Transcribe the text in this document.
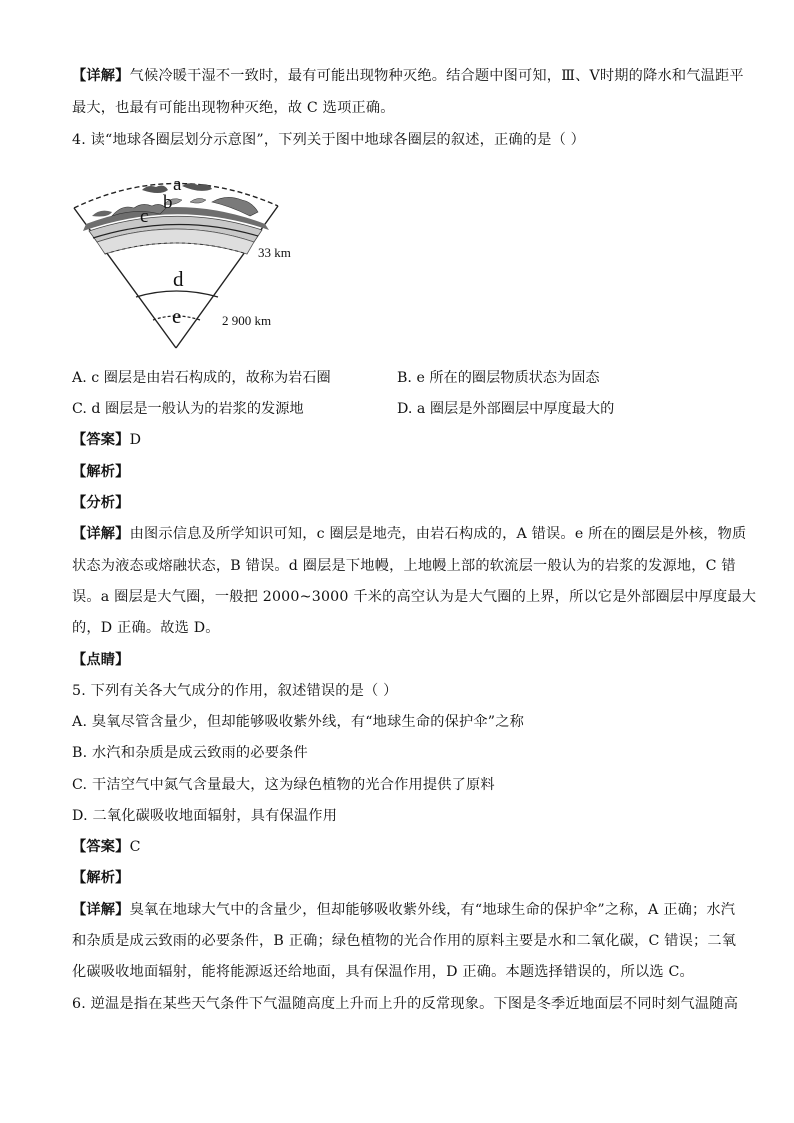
【详解】气候冷暖干湿不一致时，最有可能出现物种灭绝。结合题中图可知，Ⅲ、Ⅴ时期的降水和气温距平
最大，也最有可能出现物种灭绝，故 C 选项正确。
4. 读“地球各圈层划分示意图”，下列关于图中地球各圈层的叙述，正确的是（ ）
a
b
c
d
e
33 km
2 900 km
A. c 圈层是由岩石构成的，故称为岩石圈	B. e 所在的圈层物质状态为固态
C. d 圈层是一般认为的岩浆的发源地	D. a 圈层是外部圈层中厚度最大的
【答案】D
【解析】
【分析】
【详解】由图示信息及所学知识可知，c 圈层是地壳，由岩石构成的，A 错误。e 所在的圈层是外核，物质
状态为液态或熔融状态，B 错误。d 圈层是下地幔，上地幔上部的软流层一般认为的岩浆的发源地，C 错
误。a 圈层是大气圈，一般把 2000~3000 千米的高空认为是大气圈的上界，所以它是外部圈层中厚度最大
的，D 正确。故选 D。
【点睛】
5. 下列有关各大气成分的作用，叙述错误的是（ ）
A. 臭氧尽管含量少，但却能够吸收紫外线，有“地球生命的保护伞”之称
B. 水汽和杂质是成云致雨的必要条件
C. 干洁空气中氮气含量最大，这为绿色植物的光合作用提供了原料
D. 二氧化碳吸收地面辐射，具有保温作用
【答案】C
【解析】
【详解】臭氧在地球大气中的含量少，但却能够吸收紫外线，有“地球生命的保护伞”之称，A 正确；水汽
和杂质是成云致雨的必要条件，B 正确；绿色植物的光合作用的原料主要是水和二氧化碳，C 错误；二氧
化碳吸收地面辐射，能将能源返还给地面，具有保温作用，D 正确。本题选择错误的，所以选 C。
6. 逆温是指在某些天气条件下气温随高度上升而上升的反常现象。下图是冬季近地面层不同时刻气温随高
